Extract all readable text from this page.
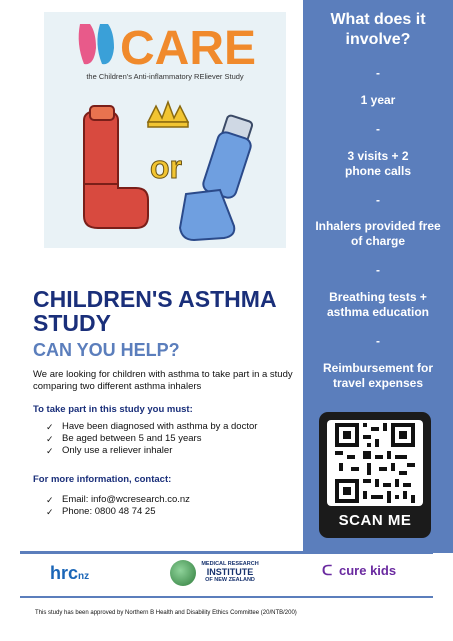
CARE
the Children's Anti-inflammatory REliever Study
or
CHILDREN'S ASTHMA STUDY
CAN YOU HELP?

We are looking for children with asthma to take part in a study comparing two different asthma inhalers

To take part in this study you must:
✓ Have been diagnosed with asthma by a doctor
✓ Be aged between 5 and 15 years
✓ Only use a reliever inhaler
For more information, contact:
✓ Email: info@wcresearch.co.nz
✓ Phone: 0800 48 74 25
What does it involve?
-
1 year
-
3 visits + 2 phone calls
-
Inhalers provided free of charge
-
Breathing tests + asthma education
-
Reimbursement for travel expenses
SCAN ME
hrcnz
MEDICAL RESEARCH
INSTITUTE
OF NEW ZEALAND
ᑕ cure kids
This study has been approved by Northern B Health and Disability Ethics Committee (20/NTB/200)
